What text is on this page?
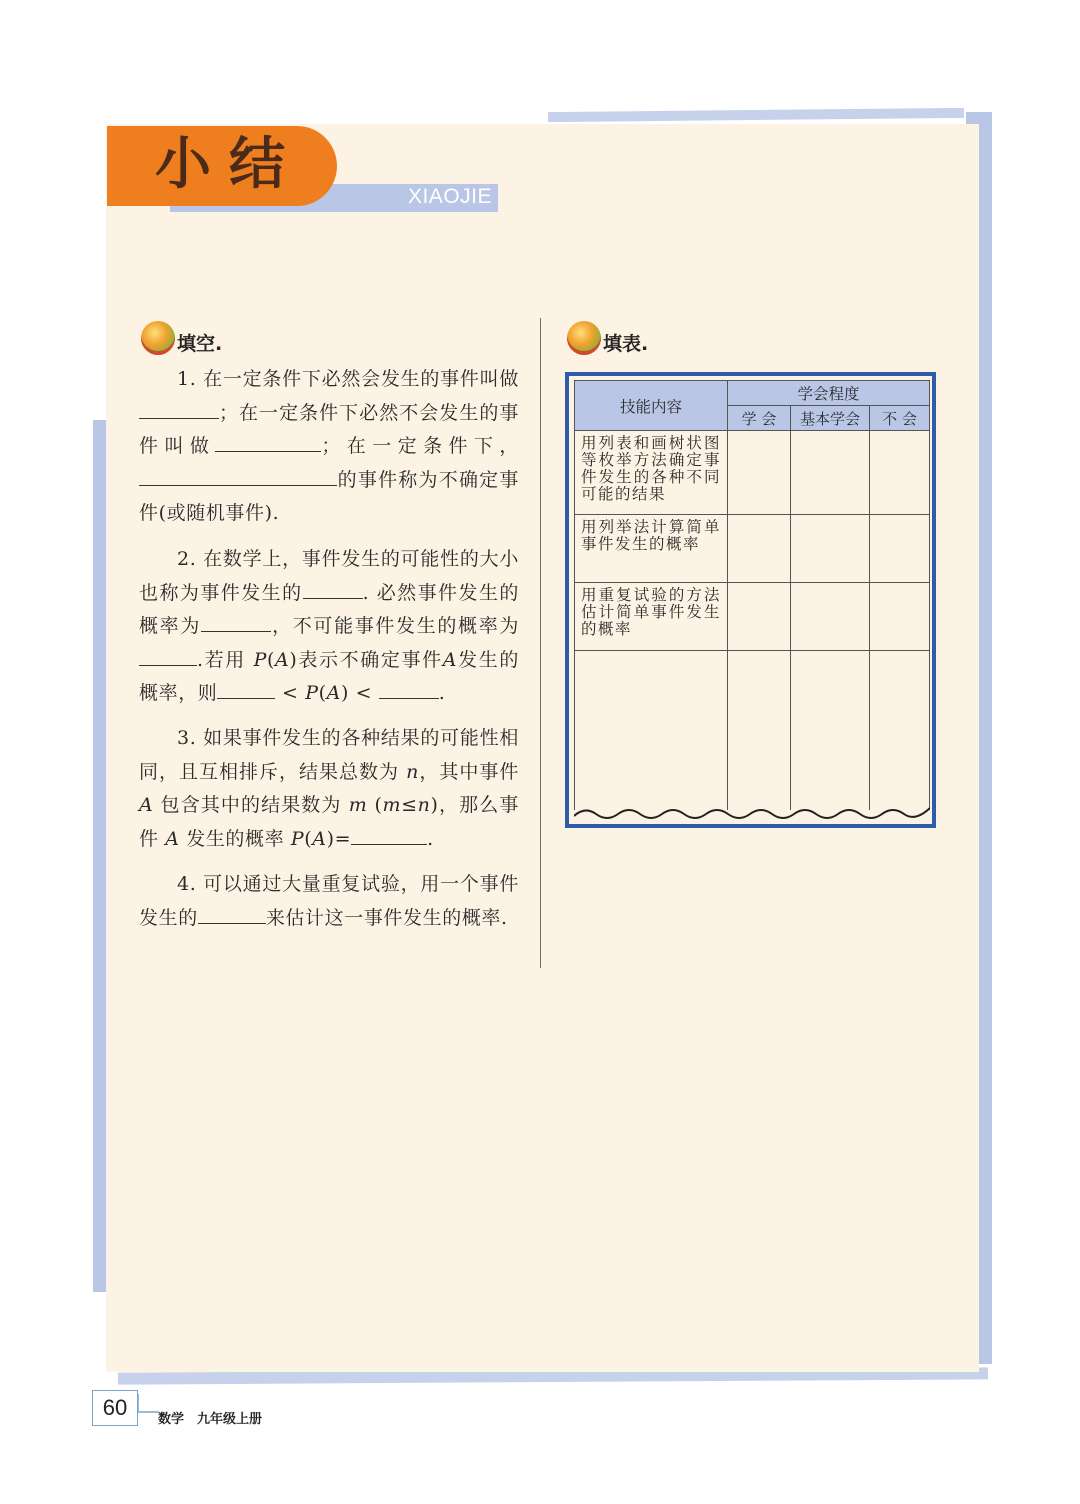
XIAOJIE
小结
填空.

1. 在一定条件下必然会发生的事件叫做；在一定条件下必然不会发生的事件叫做	；在一定条件下，的事件称为不确定事件(或随机事件).

2. 在数学上，事件发生的可能性的大小也称为事件发生的	. 必然事件发生的概率为	，不可能事件发生的概率为.若用 P(A)表示不确定事件A发生的概率，则	< P(A) <	.

3. 如果事件发生的各种结果的可能性相同，且互相排斥，结果总数为 n，其中事件 A 包含其中的结果数为 m (m≤n)，那么事件 A 发生的概率 P(A)=	.

4. 可以通过大量重复试验，用一个事件发生的	来估计这一事件发生的概率.

填表.
技能内容	学会程度		
	学 会	基本学会	不 会
用列表和画树状图等枚举方法确定事件发生的各种不同可能的结果			
用列举法计算简单事件发生的概率			
用重复试验的方法估计简单事件发生的概率			

60	数学　九年级上册
